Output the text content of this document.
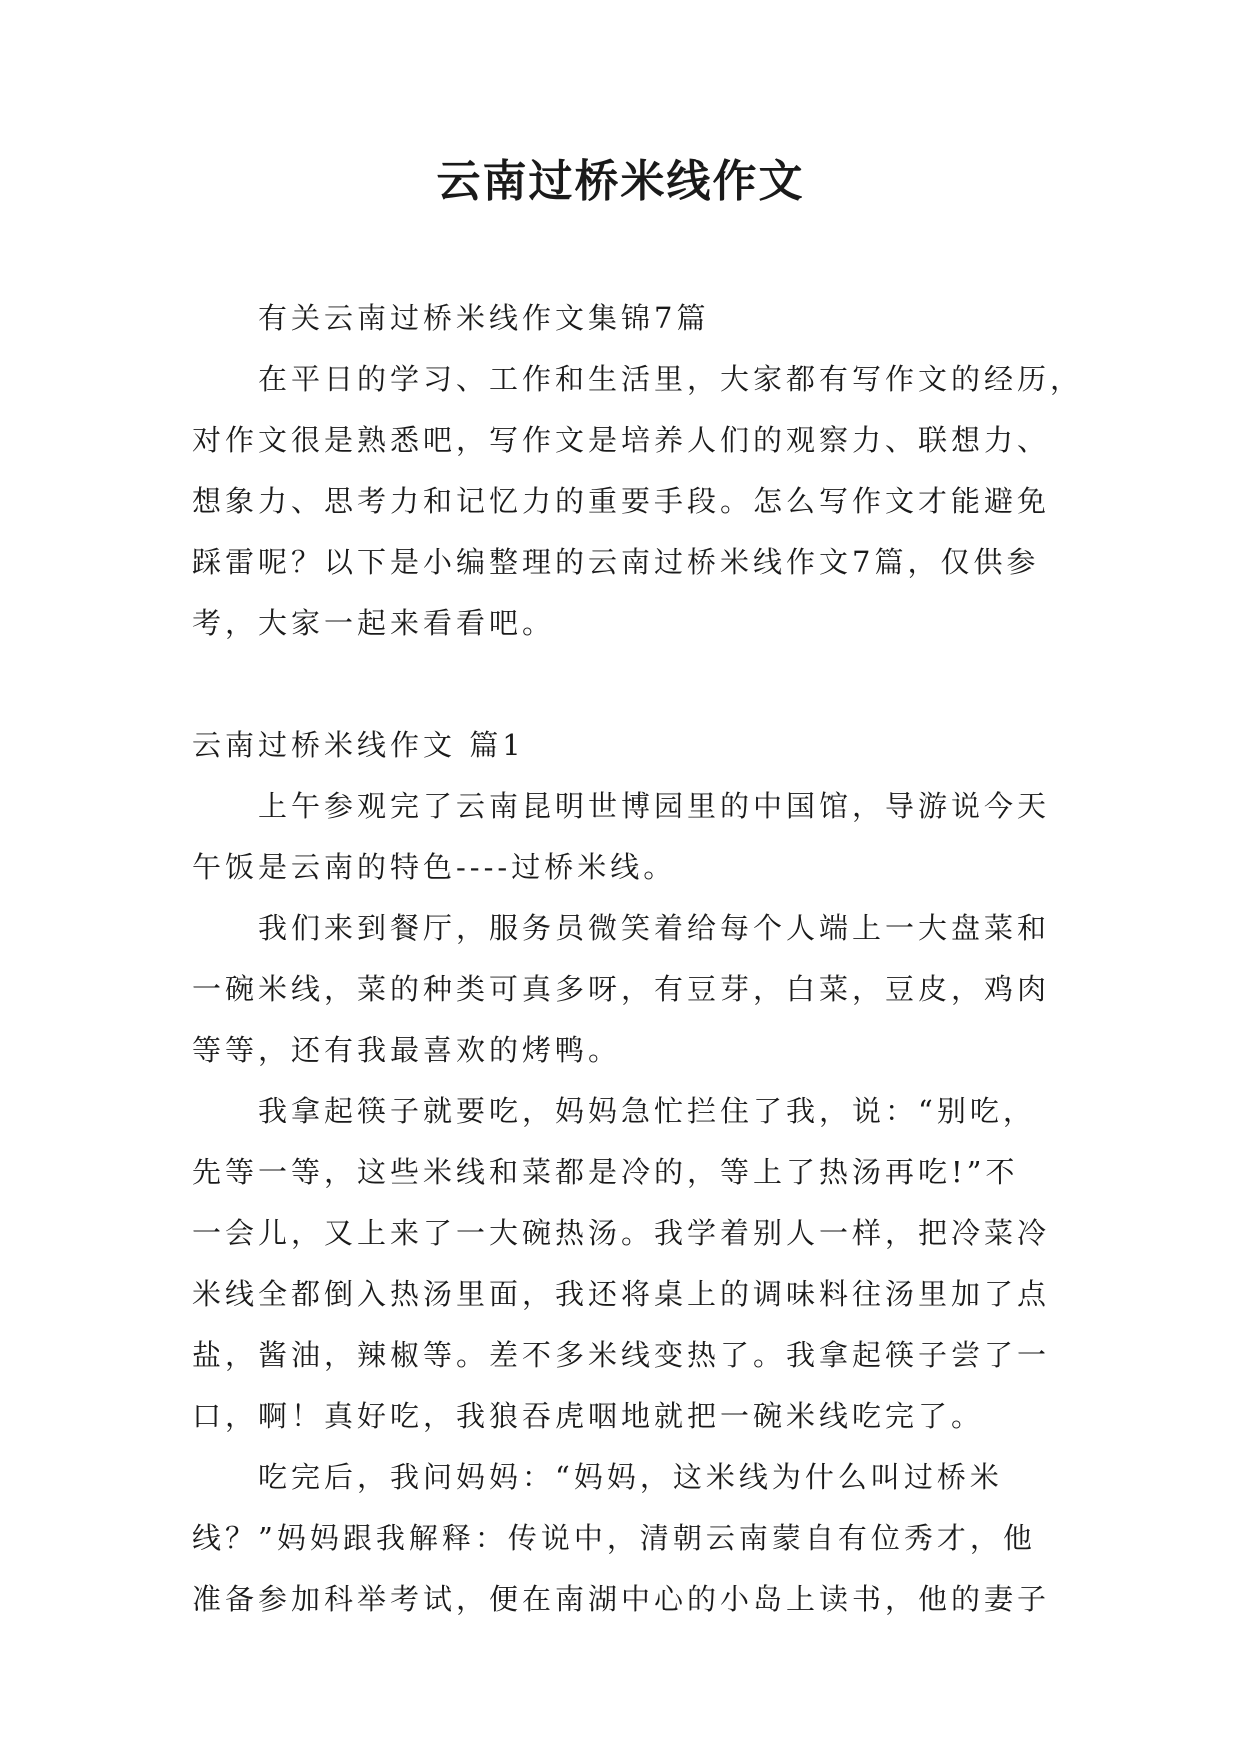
云南过桥米线作文
有关云南过桥米线作文集锦7篇
在平日的学习、工作和生活里，大家都有写作文的经历，
对作文很是熟悉吧，写作文是培养人们的观察力、联想力、
想象力、思考力和记忆力的重要手段。怎么写作文才能避免
踩雷呢？以下是小编整理的云南过桥米线作文7篇，仅供参
考，大家一起来看看吧。
云南过桥米线作文 篇1
上午参观完了云南昆明世博园里的中国馆，导游说今天
午饭是云南的特色----过桥米线。
我们来到餐厅，服务员微笑着给每个人端上一大盘菜和
一碗米线，菜的种类可真多呀，有豆芽，白菜，豆皮，鸡肉
等等，还有我最喜欢的烤鸭。
我拿起筷子就要吃，妈妈急忙拦住了我，说：“别吃，
先等一等，这些米线和菜都是冷的，等上了热汤再吃!”不
一会儿，又上来了一大碗热汤。我学着别人一样，把冷菜冷
米线全都倒入热汤里面，我还将桌上的调味料往汤里加了点
盐，酱油，辣椒等。差不多米线变热了。我拿起筷子尝了一
口，啊！真好吃，我狼吞虎咽地就把一碗米线吃完了。
吃完后，我问妈妈：“妈妈，这米线为什么叫过桥米
线？”妈妈跟我解释：传说中，清朝云南蒙自有位秀才，他
准备参加科举考试，便在南湖中心的小岛上读书，他的妻子
